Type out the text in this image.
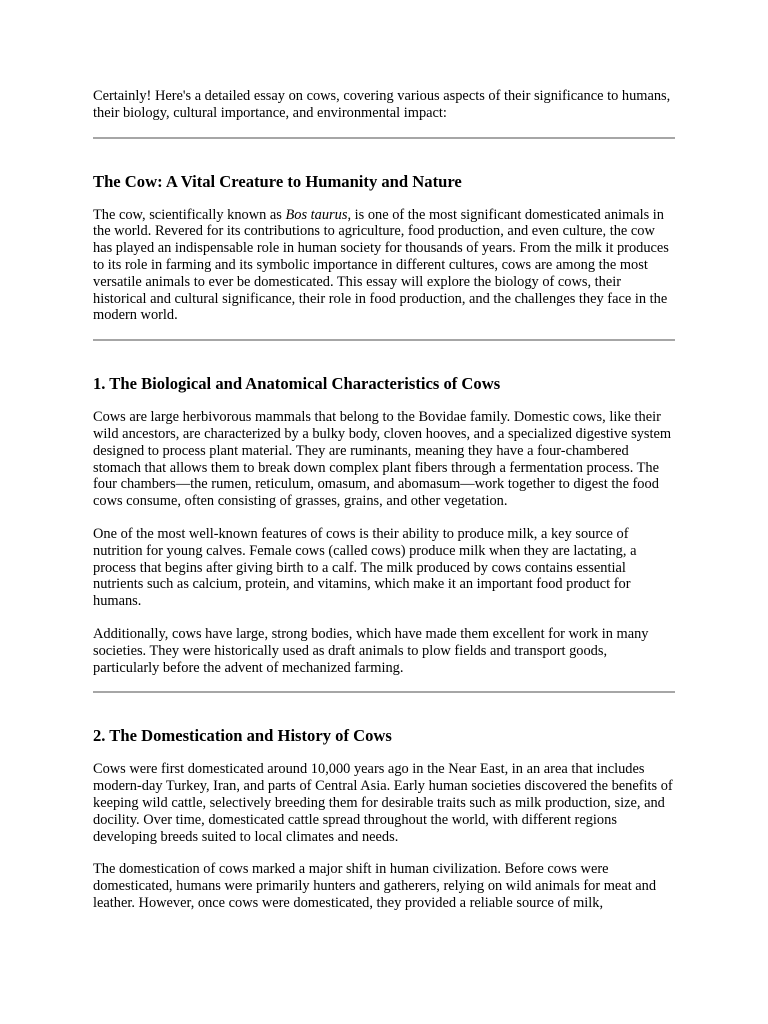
Certainly! Here's a detailed essay on cows, covering various aspects of their significance to humans, their biology, cultural importance, and environmental impact:

The Cow: A Vital Creature to Humanity and Nature

The cow, scientifically known as Bos taurus, is one of the most significant domesticated animals in the world. Revered for its contributions to agriculture, food production, and even culture, the cow has played an indispensable role in human society for thousands of years. From the milk it produces to its role in farming and its symbolic importance in different cultures, cows are among the most versatile animals to ever be domesticated. This essay will explore the biology of cows, their historical and cultural significance, their role in food production, and the challenges they face in the modern world.

1. The Biological and Anatomical Characteristics of Cows

Cows are large herbivorous mammals that belong to the Bovidae family. Domestic cows, like their wild ancestors, are characterized by a bulky body, cloven hooves, and a specialized digestive system designed to process plant material. They are ruminants, meaning they have a four-chambered stomach that allows them to break down complex plant fibers through a fermentation process. The four chambers—the rumen, reticulum, omasum, and abomasum—work together to digest the food cows consume, often consisting of grasses, grains, and other vegetation.

One of the most well-known features of cows is their ability to produce milk, a key source of nutrition for young calves. Female cows (called cows) produce milk when they are lactating, a process that begins after giving birth to a calf. The milk produced by cows contains essential nutrients such as calcium, protein, and vitamins, which make it an important food product for humans.

Additionally, cows have large, strong bodies, which have made them excellent for work in many societies. They were historically used as draft animals to plow fields and transport goods, particularly before the advent of mechanized farming.

2. The Domestication and History of Cows

Cows were first domesticated around 10,000 years ago in the Near East, in an area that includes modern-day Turkey, Iran, and parts of Central Asia. Early human societies discovered the benefits of keeping wild cattle, selectively breeding them for desirable traits such as milk production, size, and docility. Over time, domesticated cattle spread throughout the world, with different regions developing breeds suited to local climates and needs.

The domestication of cows marked a major shift in human civilization. Before cows were domesticated, humans were primarily hunters and gatherers, relying on wild animals for meat and leather. However, once cows were domesticated, they provided a reliable source of milk,
